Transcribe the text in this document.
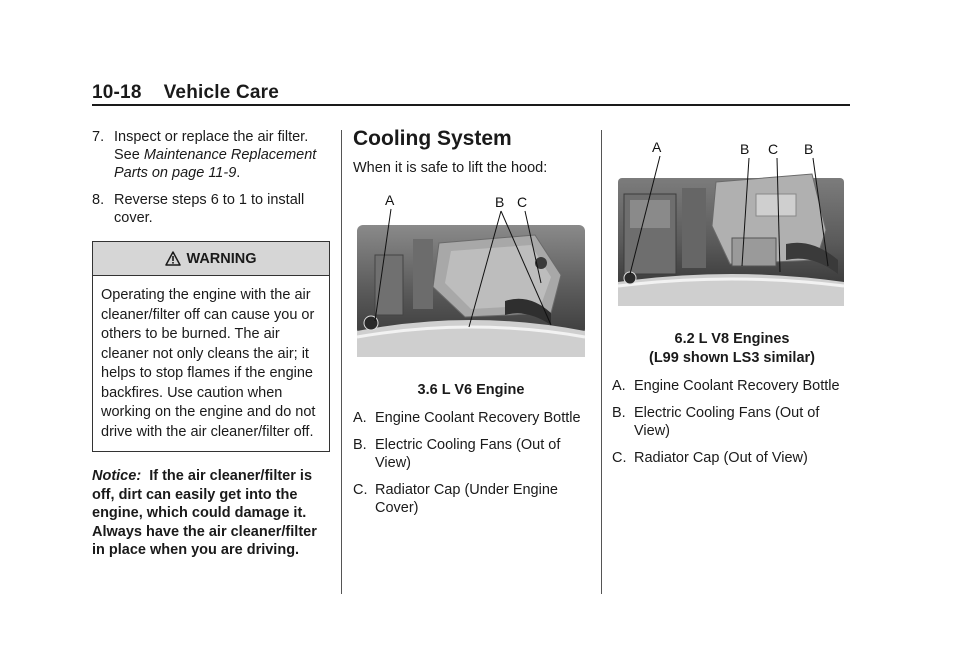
10-18 Vehicle Care
7. Inspect or replace the air filter. See Maintenance Replacement Parts on page 11-9.
8. Reverse steps 6 to 1 to install cover.
WARNING
Operating the engine with the air cleaner/filter off can cause you or others to be burned. The air cleaner not only cleans the air; it helps to stop flames if the engine backfires. Use caution when working on the engine and do not drive with the air cleaner/filter off.
Notice: If the air cleaner/filter is off, dirt can easily get into the engine, which could damage it. Always have the air cleaner/filter in place when you are driving.
Cooling System
When it is safe to lift the hood:
A	B C
3.6 L V6 Engine
A. Engine Coolant Recovery Bottle
B. Electric Cooling Fans (Out of View)
C. Radiator Cap (Under Engine Cover)
A	B C B
6.2 L V8 Engines
(L99 shown LS3 similar)
A. Engine Coolant Recovery Bottle
B. Electric Cooling Fans (Out of View)
C. Radiator Cap (Out of View)
